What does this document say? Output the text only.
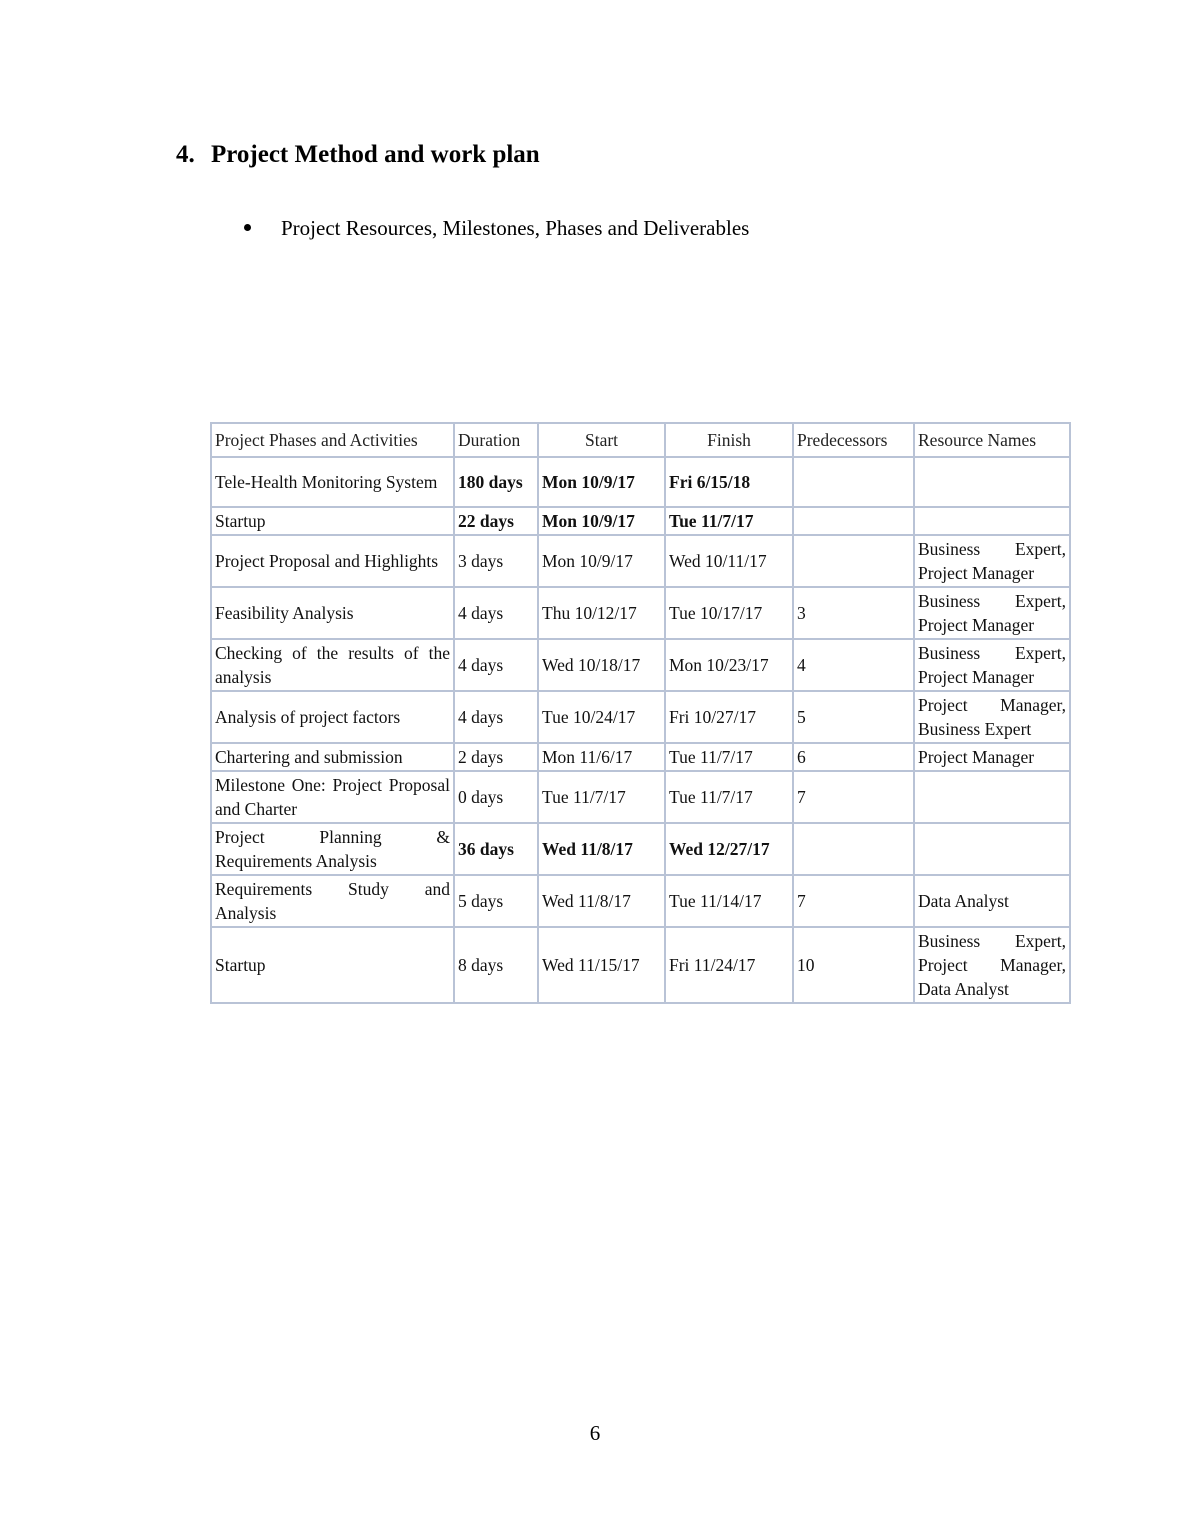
4. Project Method and work plan
Project Resources, Milestones, Phases and Deliverables
Project Phases and Activities	Duration	Start	Finish	Predecessors	Resource Names
Tele-Health Monitoring System	180 days	Mon 10/9/17	Fri 6/15/18		
Startup	22 days	Mon 10/9/17	Tue 11/7/17		
Project Proposal and Highlights	3 days	Mon 10/9/17	Wed 10/11/17		Business Expert, Project Manager
Feasibility Analysis	4 days	Thu 10/12/17	Tue 10/17/17	3	Business Expert, Project Manager
Checking of the results of the analysis	4 days	Wed 10/18/17	Mon 10/23/17	4	Business Expert, Project Manager
Analysis of project factors	4 days	Tue 10/24/17	Fri 10/27/17	5	Project Manager, Business Expert
Chartering and submission	2 days	Mon 11/6/17	Tue 11/7/17	6	Project Manager
Milestone One: Project Proposal and Charter	0 days	Tue 11/7/17	Tue 11/7/17	7	
Project Planning & Requirements Analysis	36 days	Wed 11/8/17	Wed 12/27/17		
Requirements Study and Analysis	5 days	Wed 11/8/17	Tue 11/14/17	7	Data Analyst
Startup	8 days	Wed 11/15/17	Fri 11/24/17	10	Business Expert, Project Manager, Data Analyst
6
